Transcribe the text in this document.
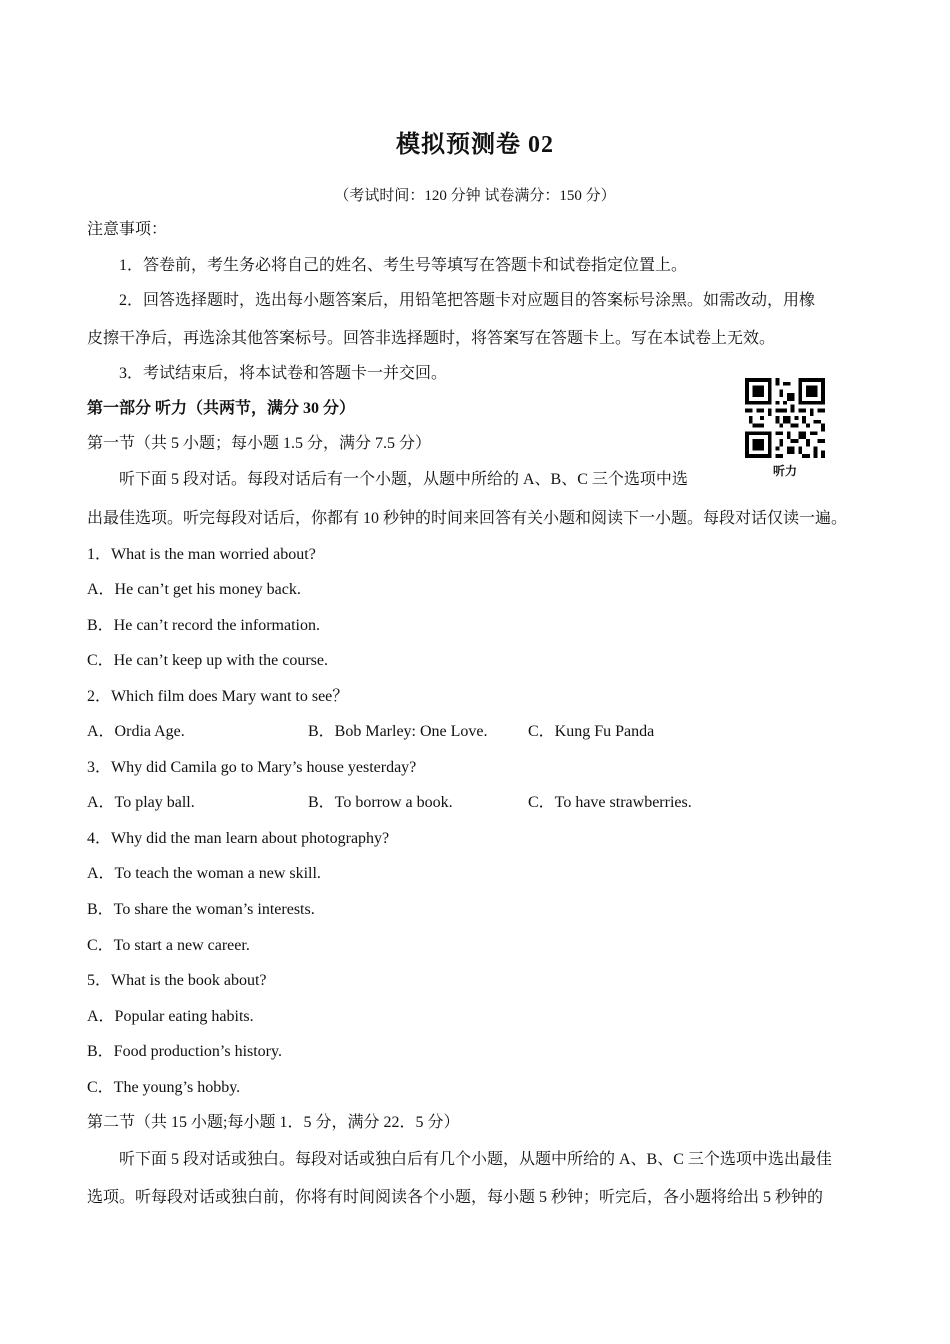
模拟预测卷 02
（考试时间：120 分钟 试卷满分：150 分）
注意事项：
1．答卷前，考生务必将自己的姓名、考生号等填写在答题卡和试卷指定位置上。
2．回答选择题时，选出每小题答案后，用铅笔把答题卡对应题目的答案标号涂黑。如需改动，用橡
皮擦干净后，再选涂其他答案标号。回答非选择题时，将答案写在答题卡上。写在本试卷上无效。
3．考试结束后，将本试卷和答题卡一并交回。
第一部分 听力（共两节，满分 30 分）
第一节（共 5 小题；每小题 1.5 分，满分 7.5 分）
听下面 5 段对话。每段对话后有一个小题，从题中所给的 A、B、C 三个选项中选
出最佳选项。听完每段对话后，你都有 10 秒钟的时间来回答有关小题和阅读下一小题。每段对话仅读一遍。
听力
1．What is the man worried about?
A．He can’t get his money back.
B．He can’t record the information.
C．He can’t keep up with the course.
2．Which film does Mary want to see？
A．Ordia Age.	B．Bob Marley: One Love.	C．Kung Fu Panda
3．Why did Camila go to Mary’s house yesterday?
A．To play ball.	B．To borrow a book.	C．To have strawberries.
4．Why did the man learn about photography?
A．To teach the woman a new skill.
B．To share the woman’s interests.
C．To start a new career.
5．What is the book about?
A．Popular eating habits.
B．Food production’s history.
C．The young’s hobby.
第二节（共 15 小题;每小题 1．5 分，满分 22．5 分）
听下面 5 段对话或独白。每段对话或独白后有几个小题，从题中所给的 A、B、C 三个选项中选出最佳
选项。听每段对话或独白前，你将有时间阅读各个小题，每小题 5 秒钟；听完后，各小题将给出 5 秒钟的
